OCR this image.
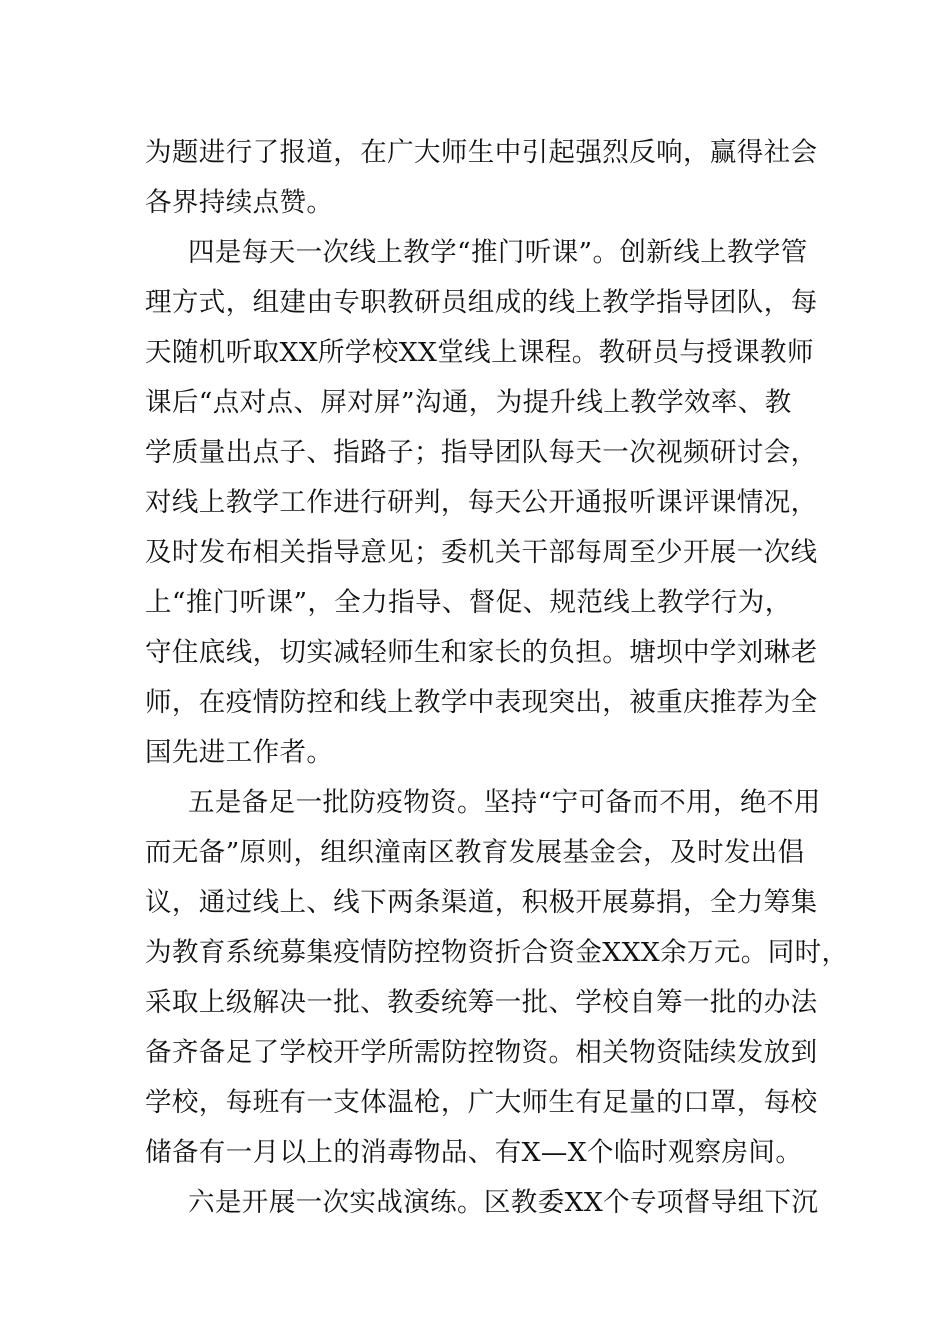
为题进行了报道，在广大师生中引起强烈反响，赢得社会
各界持续点赞。
四是每天一次线上教学“推门听课”。创新线上教学管
理方式，组建由专职教研员组成的线上教学指导团队，每
天随机听取XX所学校XX堂线上课程。教研员与授课教师
课后“点对点、屏对屏”沟通，为提升线上教学效率、教
学质量出点子、指路子；指导团队每天一次视频研讨会，
对线上教学工作进行研判，每天公开通报听课评课情况，
及时发布相关指导意见；委机关干部每周至少开展一次线
上“推门听课”，全力指导、督促、规范线上教学行为，
守住底线，切实减轻师生和家长的负担。塘坝中学刘琳老
师，在疫情防控和线上教学中表现突出，被重庆推荐为全
国先进工作者。
五是备足一批防疫物资。坚持“宁可备而不用，绝不用
而无备”原则，组织潼南区教育发展基金会，及时发出倡
议，通过线上、线下两条渠道，积极开展募捐，全力筹集
为教育系统募集疫情防控物资折合资金XXX余万元。同时，
采取上级解决一批、教委统筹一批、学校自筹一批的办法
备齐备足了学校开学所需防控物资。相关物资陆续发放到
学校，每班有一支体温枪，广大师生有足量的口罩，每校
储备有一月以上的消毒物品、有X—X个临时观察房间。
六是开展一次实战演练。区教委XX个专项督导组下沉
